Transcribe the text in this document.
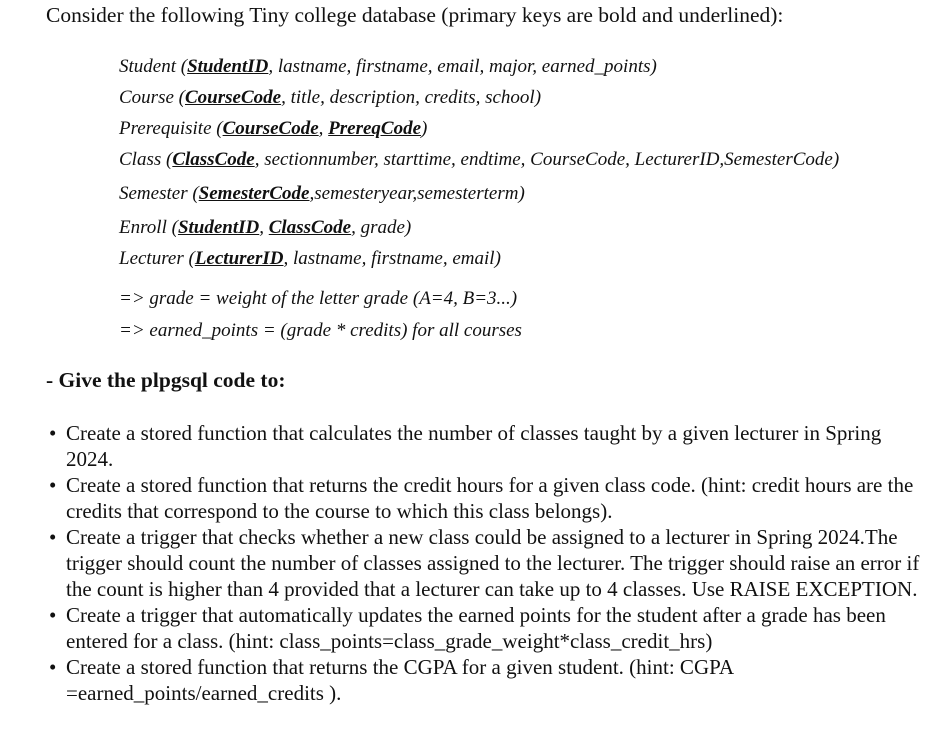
Consider the following Tiny college database (primary keys are bold and underlined):
Student (StudentID, lastname, firstname, email, major, earned_points)
Course (CourseCode, title, description, credits, school)
Prerequisite (CourseCode, PrereqCode)
Class (ClassCode, sectionnumber, starttime, endtime, CourseCode, LecturerID,SemesterCode)
Semester (SemesterCode,semesteryear,semesterterm)
Enroll (StudentID, ClassCode, grade)
Lecturer (LecturerID, lastname, firstname, email)
=> grade = weight of the letter grade (A=4, B=3...)
=> earned_points = (grade * credits) for all courses
- Give the plpgsql code to:
• Create a stored function that calculates the number of classes taught by a given lecturer in Spring 2024.
• Create a stored function that returns the credit hours for a given class code. (hint: credit hours are the credits that correspond to the course to which this class belongs).
• Create a trigger that checks whether a new class could be assigned to a lecturer in Spring 2024.The trigger should count the number of classes assigned to the lecturer. The trigger should raise an error if the count is higher than 4 provided that a lecturer can take up to 4 classes. Use RAISE EXCEPTION.
• Create a trigger that automatically updates the earned points for the student after a grade has been entered for a class. (hint: class_points=class_grade_weight*class_credit_hrs)
• Create a stored function that returns the CGPA for a given student. (hint: CGPA =earned_points/earned_credits ).
